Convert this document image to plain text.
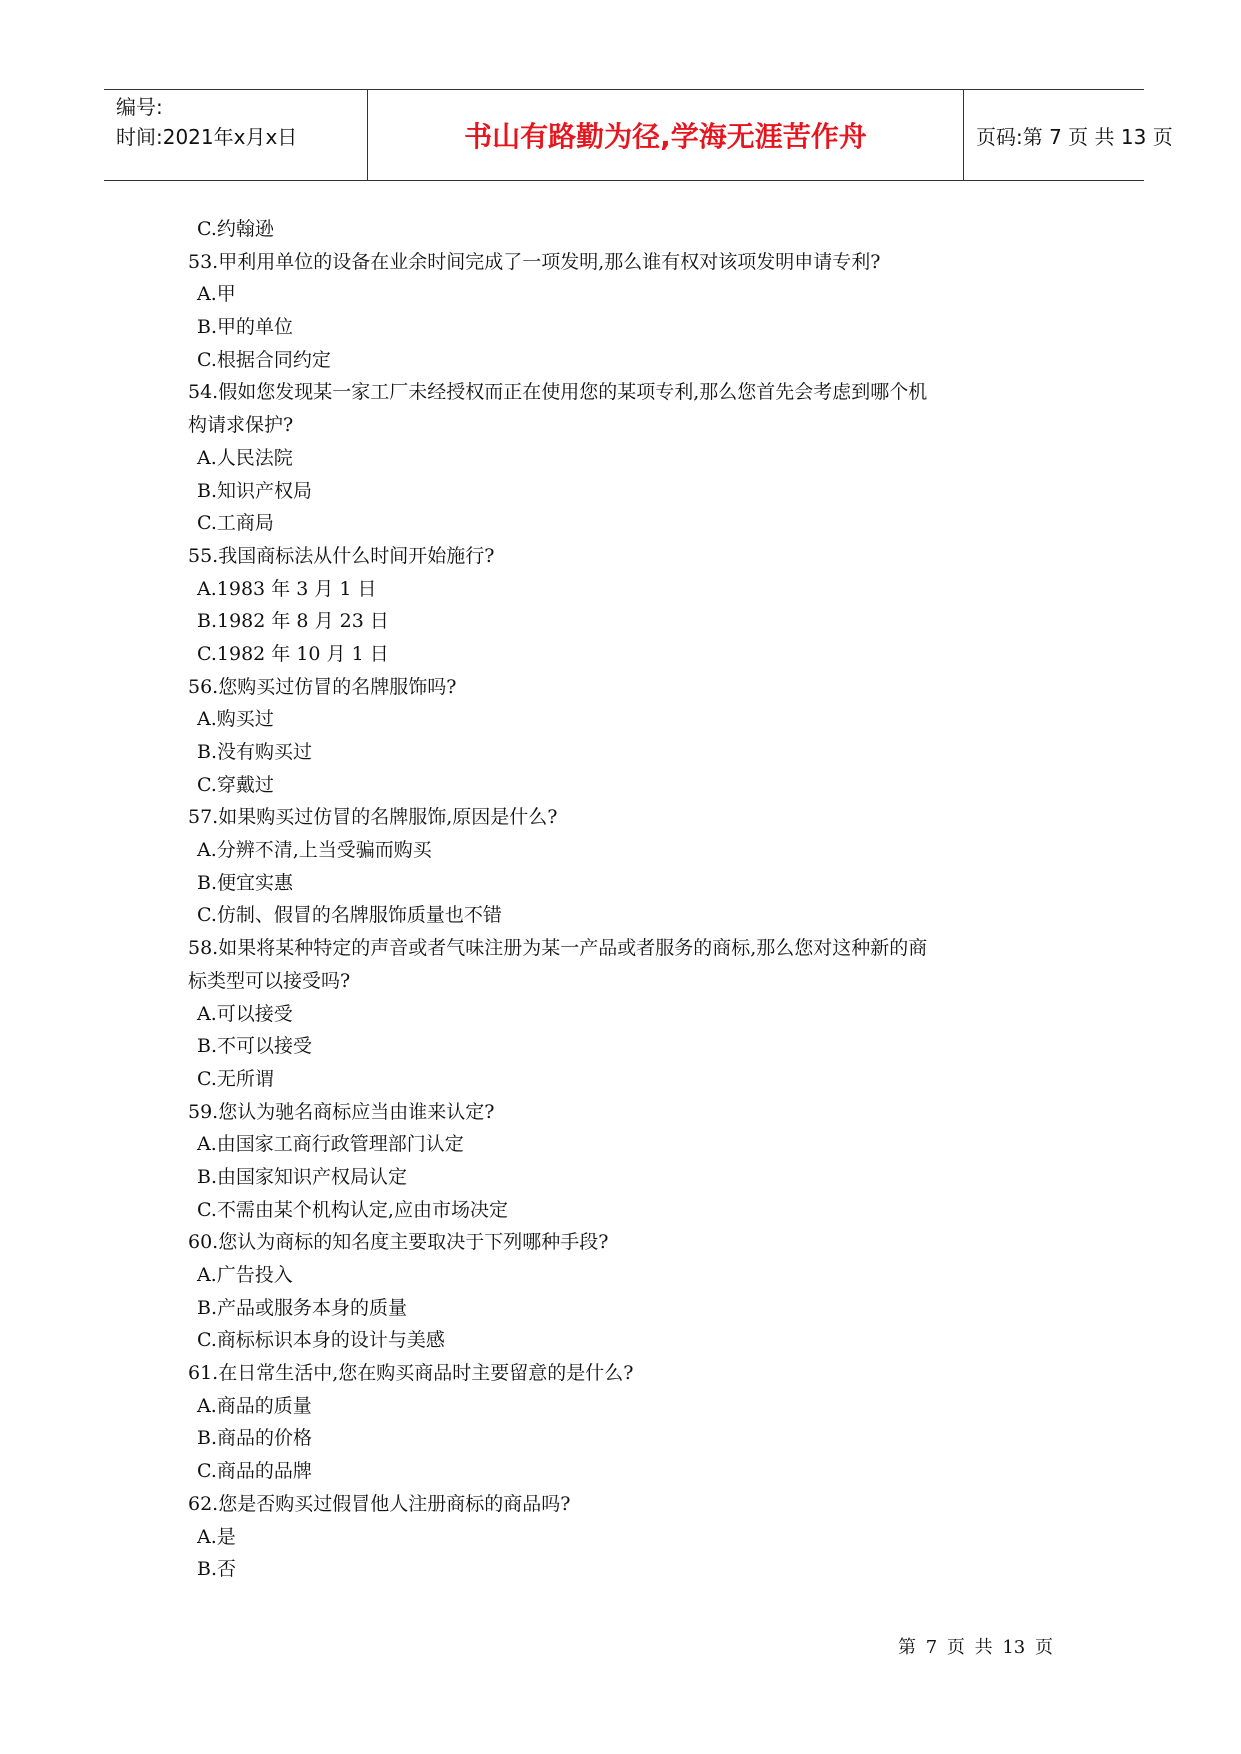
编号:
时间:2021年x月x日	书山有路勤为径,学海无涯苦作舟	页码:第 7 页 共 13 页
C.约翰逊
53.甲利用单位的设备在业余时间完成了一项发明,那么谁有权对该项发明申请专利?
A.甲
B.甲的单位
C.根据合同约定
54.假如您发现某一家工厂未经授权而正在使用您的某项专利,那么您首先会考虑到哪个机
构请求保护?
A.人民法院
B.知识产权局
C.工商局
55.我国商标法从什么时间开始施行?
A.1983 年 3 月 1 日
B.1982 年 8 月 23 日
C.1982 年 10 月 1 日
56.您购买过仿冒的名牌服饰吗?
A.购买过
B.没有购买过
C.穿戴过
57.如果购买过仿冒的名牌服饰,原因是什么?
A.分辨不清,上当受骗而购买
B.便宜实惠
C.仿制、假冒的名牌服饰质量也不错
58.如果将某种特定的声音或者气味注册为某一产品或者服务的商标,那么您对这种新的商
标类型可以接受吗?
A.可以接受
B.不可以接受
C.无所谓
59.您认为驰名商标应当由谁来认定?
A.由国家工商行政管理部门认定
B.由国家知识产权局认定
C.不需由某个机构认定,应由市场决定
60.您认为商标的知名度主要取决于下列哪种手段?
A.广告投入
B.产品或服务本身的质量
C.商标标识本身的设计与美感
61.在日常生活中,您在购买商品时主要留意的是什么?
A.商品的质量
B.商品的价格
C.商品的品牌
62.您是否购买过假冒他人注册商标的商品吗?
A.是
B.否
第 7 页 共 13 页
